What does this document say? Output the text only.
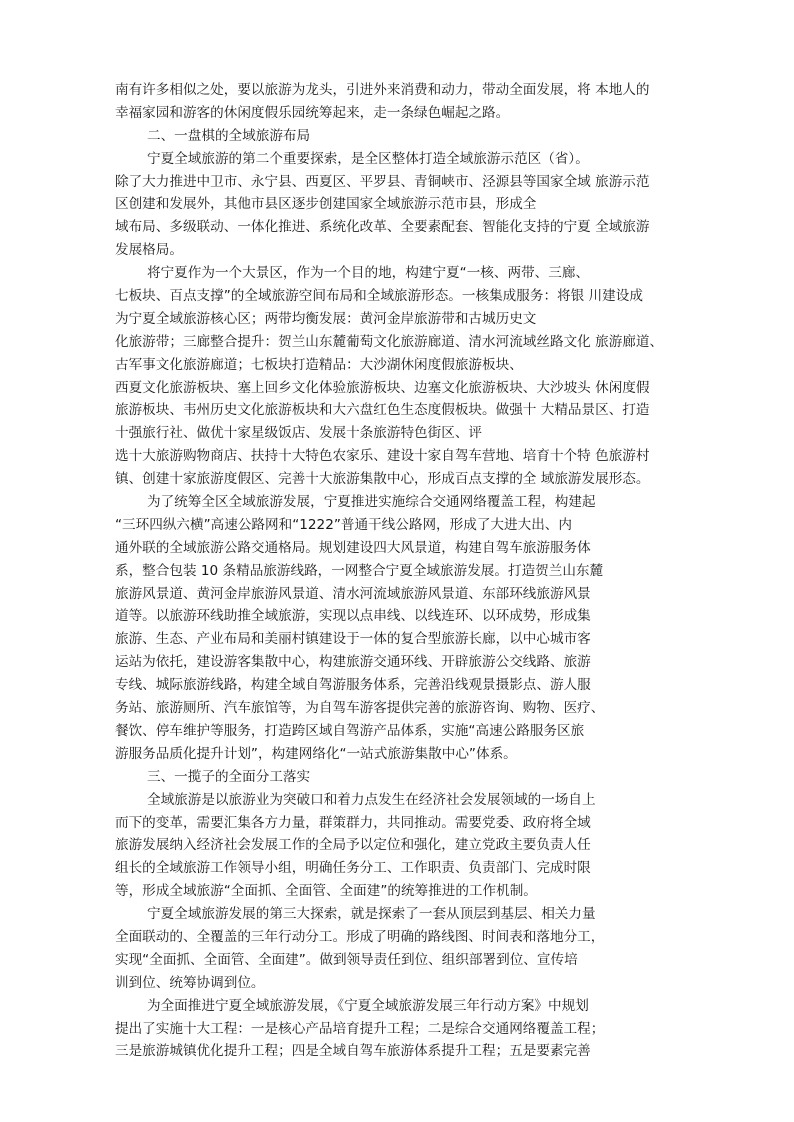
南有许多相似之处，要以旅游为龙头，引进外来消费和动力，带动全面发展，将 本地人的
幸福家园和游客的休闲度假乐园统筹起来，走一条绿色崛起之路。
二、一盘棋的全域旅游布局
宁夏全域旅游的第二个重要探索，是全区整体打造全域旅游示范区（省）。
除了大力推进中卫市、永宁县、西夏区、平罗县、青铜峡市、泾源县等国家全域 旅游示范
区创建和发展外，其他市县区逐步创建国家全域旅游示范市县，形成全
域布局、多级联动、一体化推进、系统化改革、全要素配套、智能化支持的宁夏 全域旅游
发展格局。
将宁夏作为一个大景区，作为一个目的地，构建宁夏“一核、两带、三廊、
七板块、百点支撑”的全域旅游空间布局和全域旅游形态。一核集成服务：将银 川建设成
为宁夏全域旅游核心区；两带均衡发展：黄河金岸旅游带和古城历史文
化旅游带；三廊整合提升：贺兰山东麓葡萄文化旅游廊道、清水河流域丝路文化 旅游廊道、
古军事文化旅游廊道；七板块打造精品：大沙湖休闲度假旅游板块、
西夏文化旅游板块、塞上回乡文化体验旅游板块、边塞文化旅游板块、大沙坡头 休闲度假
旅游板块、韦州历史文化旅游板块和大六盘红色生态度假板块。做强十 大精品景区、打造
十强旅行社、做优十家星级饭店、发展十条旅游特色街区、评
选十大旅游购物商店、扶持十大特色农家乐、建设十家自驾车营地、培育十个特 色旅游村
镇、创建十家旅游度假区、完善十大旅游集散中心，形成百点支撑的全 域旅游发展形态。
为了统筹全区全域旅游发展，宁夏推进实施综合交通网络覆盖工程，构建起
“三环四纵六横”高速公路网和“1222”普通干线公路网，形成了大进大出、内
通外联的全域旅游公路交通格局。规划建设四大风景道，构建自驾车旅游服务体
系，整合包装 10 条精品旅游线路，一网整合宁夏全域旅游发展。打造贺兰山东麓
旅游风景道、黄河金岸旅游风景道、清水河流域旅游风景道、东部环线旅游风景
道等。以旅游环线助推全域旅游，实现以点串线、以线连环、以环成势，形成集
旅游、生态、产业布局和美丽村镇建设于一体的复合型旅游长廊，以中心城市客
运站为依托，建设游客集散中心，构建旅游交通环线、开辟旅游公交线路、旅游
专线、城际旅游线路，构建全域自驾游服务体系，完善沿线观景摄影点、游人服
务站、旅游厕所、汽车旅馆等，为自驾车游客提供完善的旅游咨询、购物、医疗、
餐饮、停车维护等服务，打造跨区域自驾游产品体系，实施“高速公路服务区旅
游服务品质化提升计划”，构建网络化“一站式旅游集散中心”体系。
三、一揽子的全面分工落实
全域旅游是以旅游业为突破口和着力点发生在经济社会发展领域的一场自上
而下的变革，需要汇集各方力量，群策群力，共同推动。需要党委、政府将全域
旅游发展纳入经济社会发展工作的全局予以定位和强化，建立党政主要负责人任
组长的全域旅游工作领导小组，明确任务分工、工作职责、负责部门、完成时限
等，形成全域旅游“全面抓、全面管、全面建”的统筹推进的工作机制。
宁夏全域旅游发展的第三大探索，就是探索了一套从顶层到基层、相关力量
全面联动的、全覆盖的三年行动分工。形成了明确的路线图、时间表和落地分工，
实现“全面抓、全面管、全面建”。做到领导责任到位、组织部署到位、宣传培
训到位、统筹协调到位。
为全面推进宁夏全域旅游发展，《宁夏全域旅游发展三年行动方案》中规划
提出了实施十大工程：一是核心产品培育提升工程；二是综合交通网络覆盖工程；
三是旅游城镇优化提升工程；四是全域自驾车旅游体系提升工程；五是要素完善
